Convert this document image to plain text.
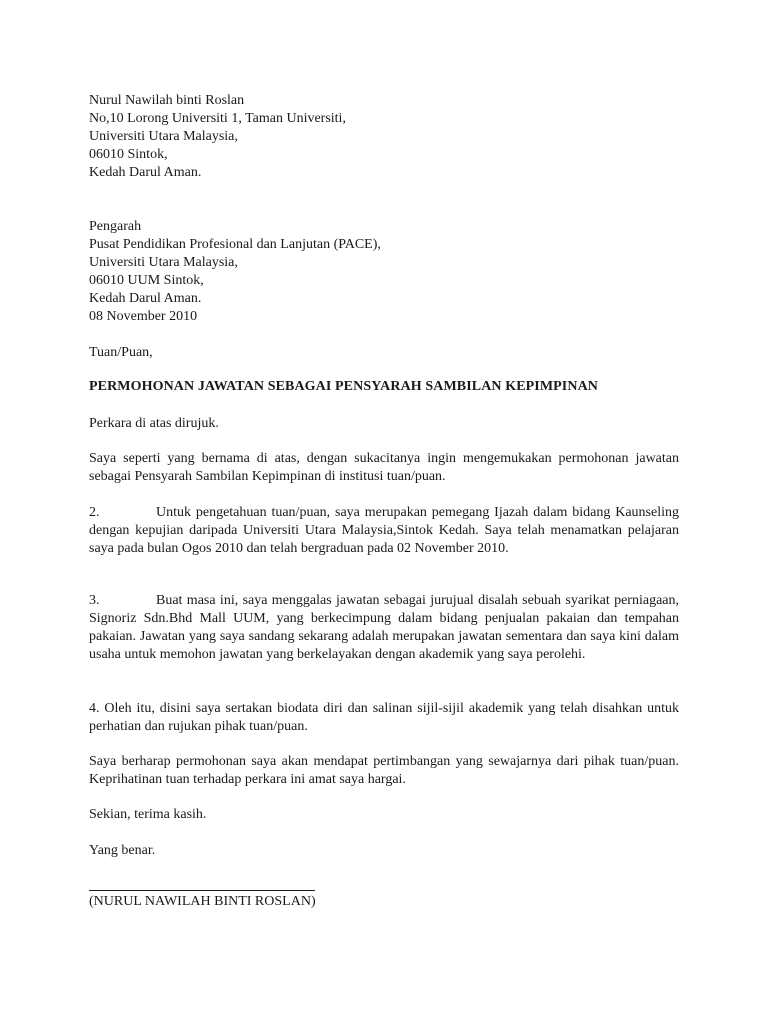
Nurul Nawilah binti Roslan
No,10 Lorong Universiti 1, Taman Universiti,
Universiti Utara Malaysia,
06010 Sintok,
Kedah Darul Aman.
Pengarah
Pusat Pendidikan Profesional dan Lanjutan (PACE),
Universiti Utara Malaysia,
06010 UUM Sintok,
Kedah Darul Aman.
08 November 2010
Tuan/Puan,
PERMOHONAN JAWATAN SEBAGAI PENSYARAH SAMBILAN KEPIMPINAN
Perkara di atas dirujuk.
Saya seperti yang bernama di atas, dengan sukacitanya ingin mengemukakan permohonan jawatan sebagai Pensyarah Sambilan Kepimpinan di institusi tuan/puan.
2.	Untuk pengetahuan tuan/puan, saya merupakan pemegang Ijazah dalam bidang Kaunseling dengan kepujian daripada Universiti Utara Malaysia,Sintok Kedah. Saya telah menamatkan pelajaran saya pada bulan Ogos 2010 dan telah bergraduan pada 02 November 2010.
3.	Buat masa ini, saya menggalas jawatan sebagai jurujual disalah sebuah syarikat perniagaan, Signoriz Sdn.Bhd Mall UUM, yang berkecimpung dalam bidang penjualan pakaian dan tempahan pakaian. Jawatan yang saya sandang sekarang adalah merupakan jawatan sementara dan saya kini dalam usaha untuk memohon jawatan yang berkelayakan dengan akademik yang saya perolehi.
4. Oleh itu, disini saya sertakan biodata diri dan salinan sijil-sijil akademik yang telah disahkan untuk perhatian dan rujukan pihak tuan/puan.
Saya berharap permohonan saya akan mendapat pertimbangan yang sewajarnya dari pihak tuan/puan. Keprihatinan tuan terhadap perkara ini amat saya hargai.
Sekian, terima kasih.
Yang benar.
(NURUL NAWILAH BINTI ROSLAN)
